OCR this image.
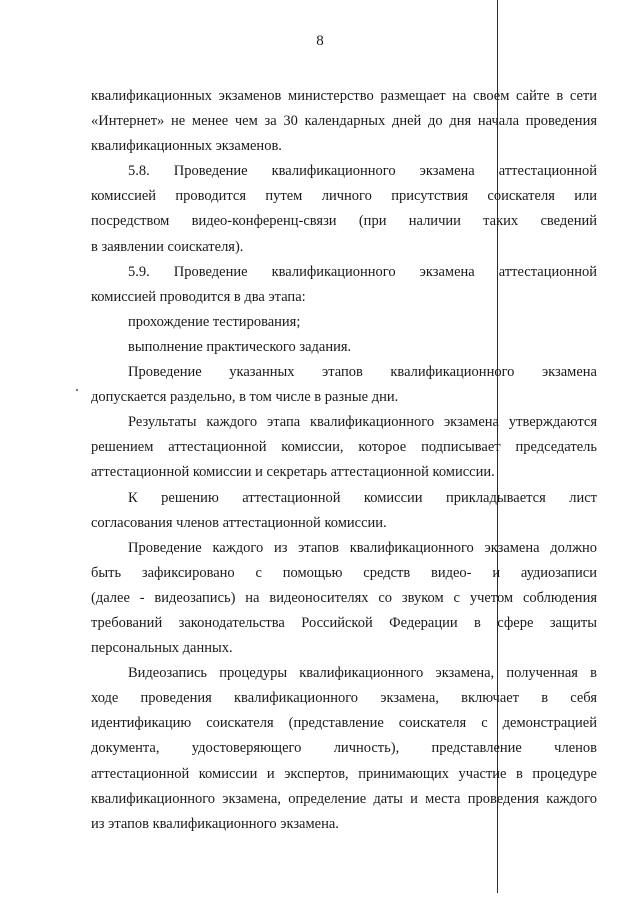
8

квалификационных экзаменов министерство размещает на своем сайте в сети

«Интернет» не менее чем за 30 календарных дней до дня начала проведения

квалификационных экзаменов.

5.8. Проведение квалификационного экзамена аттестационной

комиссией проводится путем личного присутствия соискателя или

посредством видео-конференц-связи (при наличии таких сведений

в заявлении соискателя).

5.9. Проведение квалификационного экзамена аттестационной

комиссией проводится в два этапа:

прохождение тестирования;

выполнение практического задания.

Проведение указанных этапов квалификационного экзамена

допускается раздельно, в том числе в разные дни.

Результаты каждого этапа квалификационного экзамена утверждаются

решением аттестационной комиссии, которое подписывает председатель

аттестационной комиссии и секретарь аттестационной комиссии.

К решению аттестационной комиссии прикладывается лист

согласования членов аттестационной комиссии.

Проведение каждого из этапов квалификационного экзамена должно

быть зафиксировано с помощью средств видео- и аудиозаписи

(далее - видеозапись) на видеоносителях со звуком с учетом соблюдения

требований законодательства Российской Федерации в сфере защиты

персональных данных.

Видеозапись процедуры квалификационного экзамена, полученная в

ходе проведения квалификационного экзамена, включает в себя

идентификацию соискателя (представление соискателя с демонстрацией

документа, удостоверяющего личность), представление членов

аттестационной комиссии и экспертов, принимающих участие в процедуре

квалификационного экзамена, определение даты и места проведения каждого

из этапов квалификационного экзамена.
